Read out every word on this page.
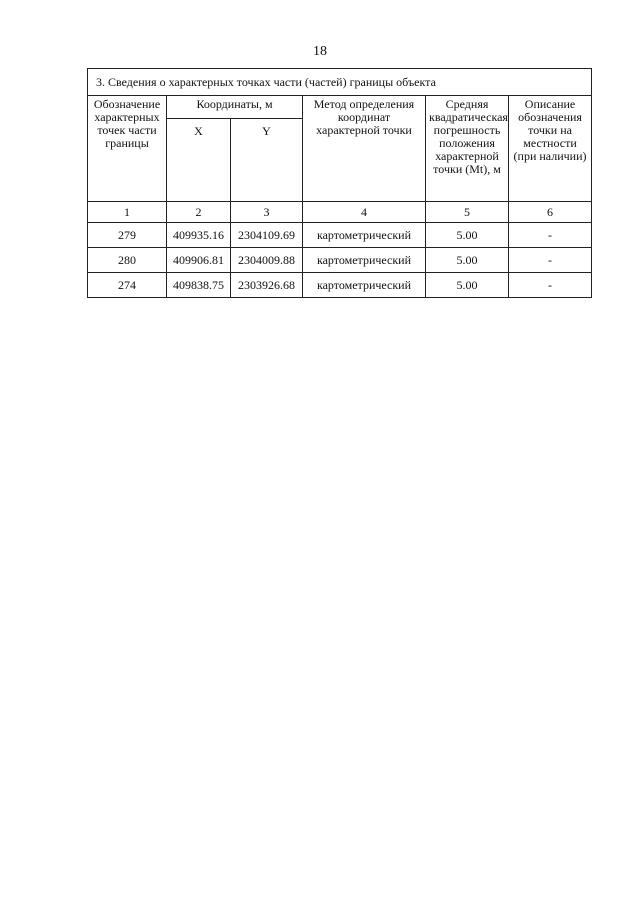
18
3. Сведения о характерных точках части (частей) границы объекта					
Обозначение характерных точек части границы	Координаты, м		Метод определения координат характерной точки	Средняя квадратическая погрешность положения характерной точки (Mt), м	Описание обозначения точки на местности (при наличии)
	X	Y			
1	2	3	4	5	6
279	409935.16	2304109.69	картометрический	5.00	-
280	409906.81	2304009.88	картометрический	5.00	-
274	409838.75	2303926.68	картометрический	5.00	-
